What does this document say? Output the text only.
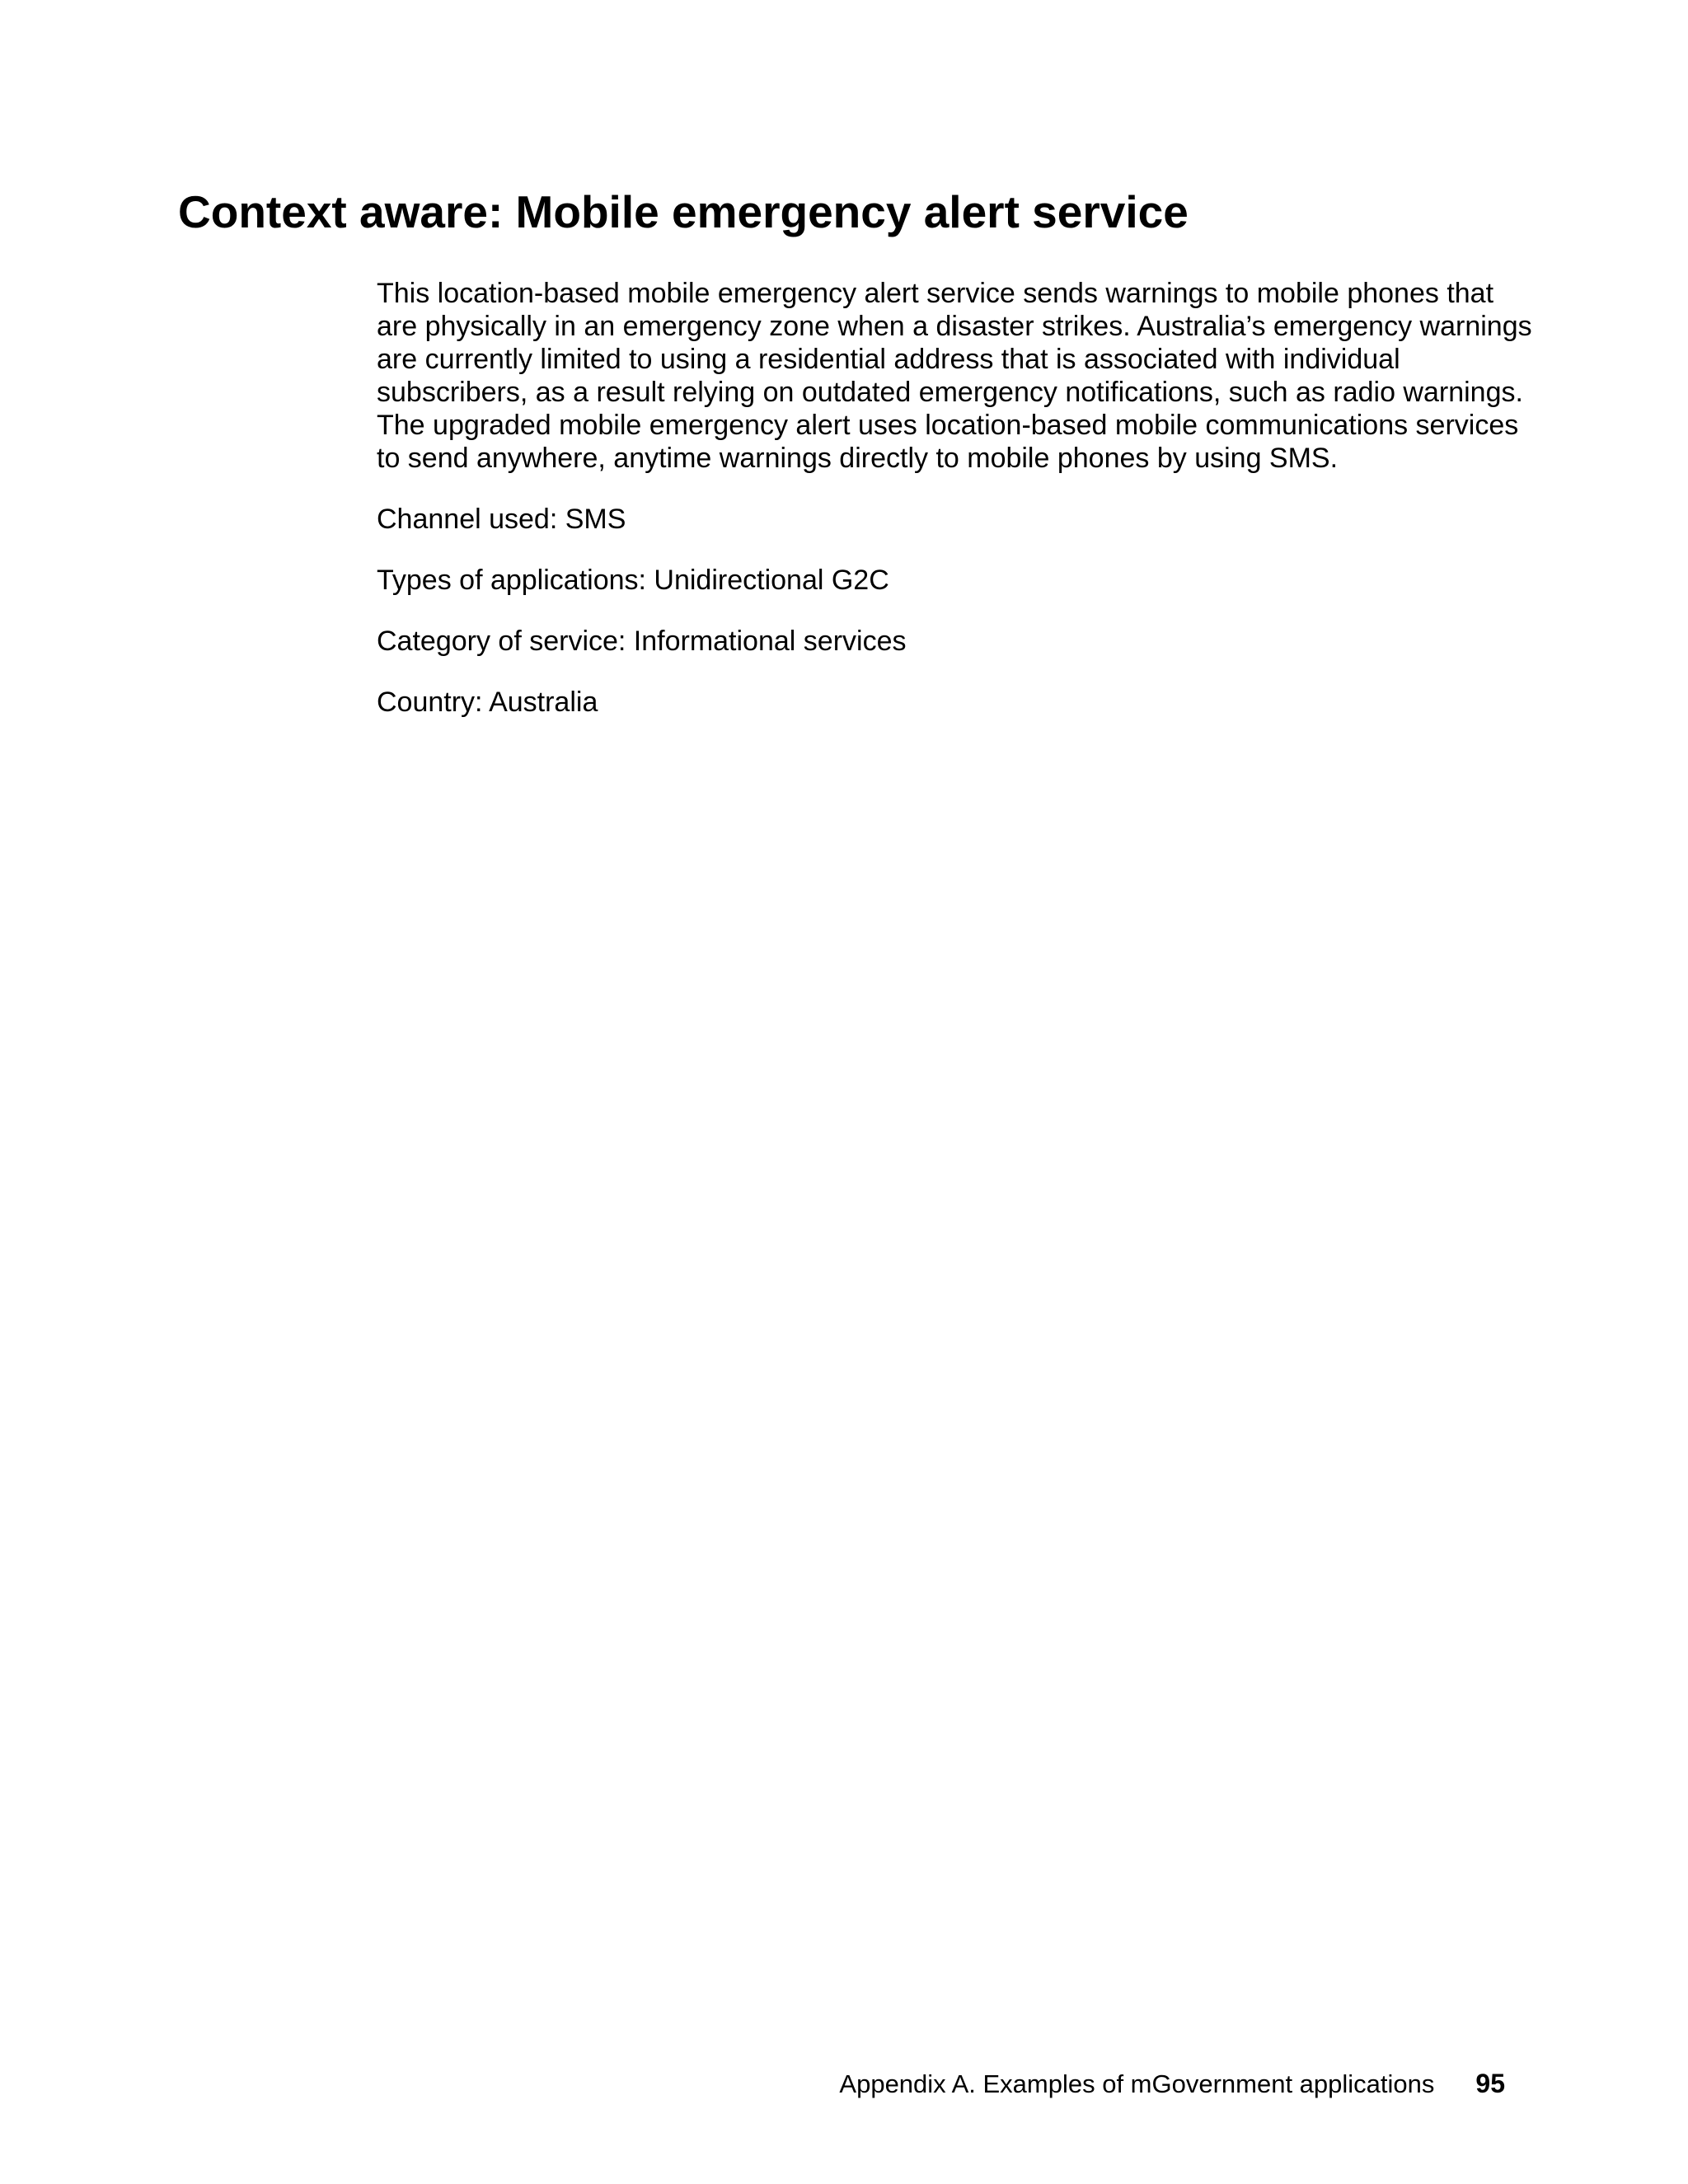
Context aware: Mobile emergency alert service

This location-based mobile emergency alert service sends warnings to mobile phones that
are physically in an emergency zone when a disaster strikes. Australia’s emergency warnings
are currently limited to using a residential address that is associated with individual
subscribers, as a result relying on outdated emergency notifications, such as radio warnings.
The upgraded mobile emergency alert uses location-based mobile communications services
to send anywhere, anytime warnings directly to mobile phones by using SMS.

Channel used: SMS

Types of applications: Unidirectional G2C

Category of service: Informational services

Country: Australia

Appendix A. Examples of mGovernment applications 95
